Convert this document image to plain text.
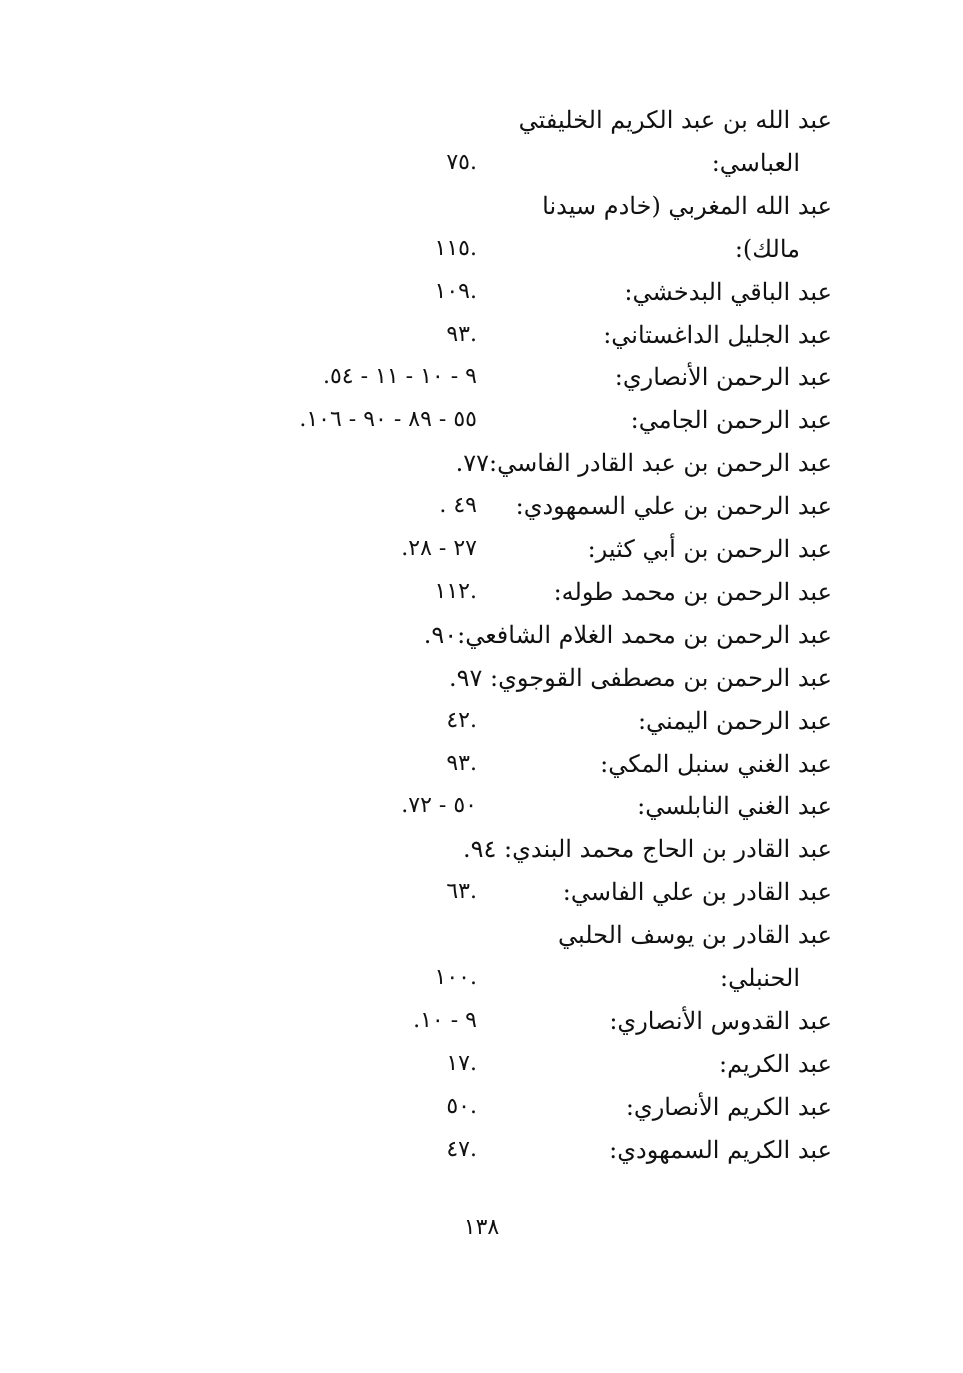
عبد الله بن عبد الكريم الخليفتي
العباسي:
.٧٥
عبد الله المغربي (خادم سيدنا
مالك):
.١١٥
عبد الباقي البدخشي:
.١٠٩
عبد الجليل الداغستاني:
.٩٣
عبد الرحمن الأنصاري:
٩ - ١٠ - ١١ - ٥٤.
عبد الرحمن الجامي:
٥٥ - ٨٩ - ٩٠ - ١٠٦.
عبد الرحمن بن عبد القادر الفاسي:٧٧.
عبد الرحمن بن علي السمهودي:
٤٩ .
عبد الرحمن بن أبي كثير:
٢٧ - ٢٨.
عبد الرحمن بن محمد طوله:
.١١٢
عبد الرحمن بن محمد الغلام الشافعي:٩٠.
عبد الرحمن بن مصطفى القوجوي: ٩٧.
عبد الرحمن اليمني:
.٤٢
عبد الغني سنبل المكي:
.٩٣
عبد الغني النابلسي:
٥٠ - ٧٢.
عبد القادر بن الحاج محمد البندي: ٩٤.
عبد القادر بن علي الفاسي:
.٦٣
عبد القادر بن يوسف الحلبي
الحنبلي:
.١٠٠
عبد القدوس الأنصاري:
٩ - ١٠.
عبد الكريم:
.١٧
عبد الكريم الأنصاري:
.٥٠
عبد الكريم السمهودي:
.٤٧
١٣٨
